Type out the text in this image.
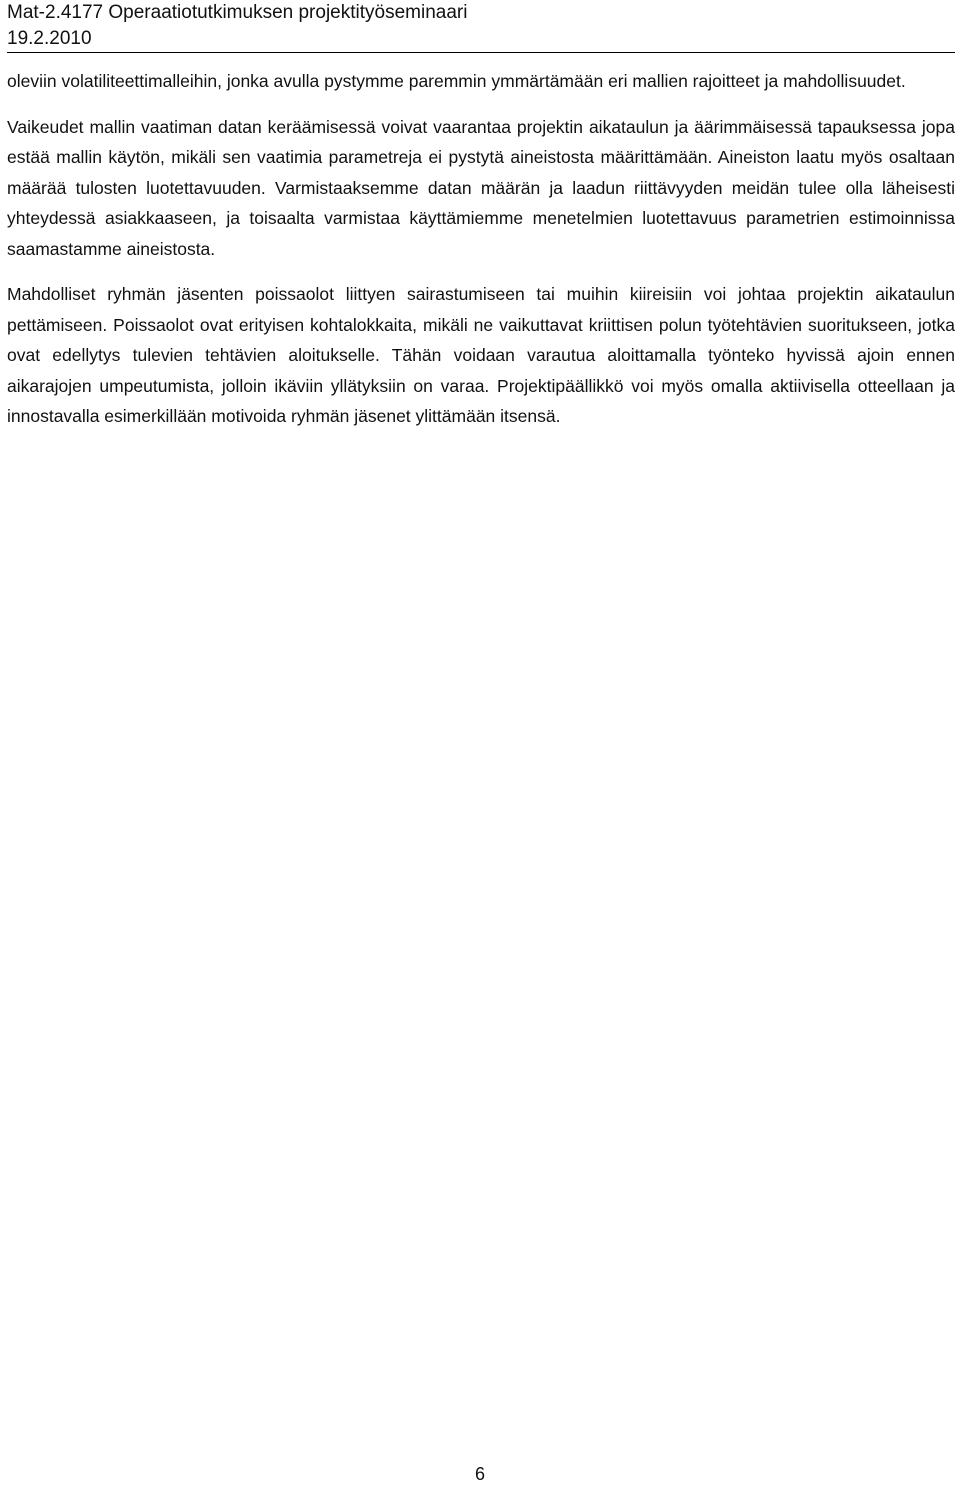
Mat-2.4177 Operaatiotutkimuksen projektityöseminaari
19.2.2010

oleviin volatiliteettimalleihin, jonka avulla pystymme paremmin ymmärtämään eri mallien rajoitteet ja mahdollisuudet.

Vaikeudet mallin vaatiman datan keräämisessä voivat vaarantaa projektin aikataulun ja äärimmäisessä tapauksessa jopa estää mallin käytön, mikäli sen vaatimia parametreja ei pystytä aineistosta määrittämään. Aineiston laatu myös osaltaan määrää tulosten luotettavuuden. Varmistaaksemme datan määrän ja laadun riittävyyden meidän tulee olla läheisesti yhteydessä asiakkaaseen, ja toisaalta varmistaa käyttämiemme menetelmien luotettavuus parametrien estimoinnissa saamastamme aineistosta.

Mahdolliset ryhmän jäsenten poissaolot liittyen sairastumiseen tai muihin kiireisiin voi johtaa projektin aikataulun pettämiseen. Poissaolot ovat erityisen kohtalokkaita, mikäli ne vaikuttavat kriittisen polun työtehtävien suoritukseen, jotka ovat edellytys tulevien tehtävien aloitukselle. Tähän voidaan varautua aloittamalla työnteko hyvissä ajoin ennen aikarajojen umpeutumista, jolloin ikäviin yllätyksiin on varaa. Projektipäällikkö voi myös omalla aktiivisella otteellaan ja innostavalla esimerkillään motivoida ryhmän jäsenet ylittämään itsensä.

6
